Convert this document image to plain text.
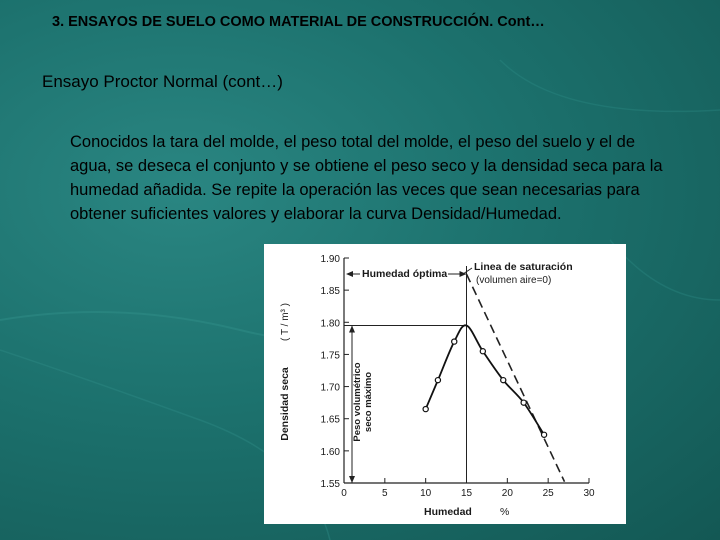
3. ENSAYOS DE SUELO COMO MATERIAL DE CONSTRUCCIÓN. Cont…
Ensayo Proctor Normal (cont…)
Conocidos la tara del molde, el peso total del molde, el peso del suelo y el de agua, se deseca el conjunto y se obtiene el peso seco y la densidad seca para la humedad añadida. Se repite la operación las veces que sean necesarias para obtener suficientes valores y elaborar la curva Densidad/Humedad.
1.55
1.60
1.65
1.70
1.75
1.80
1.85
1.90
0	5	10	15	20	25	30
Humedad	%
Densidad seca
( T / m³ )
Humedad óptima
Linea de saturación
(volumen aire=0)
Peso volumétrico seco máximo
